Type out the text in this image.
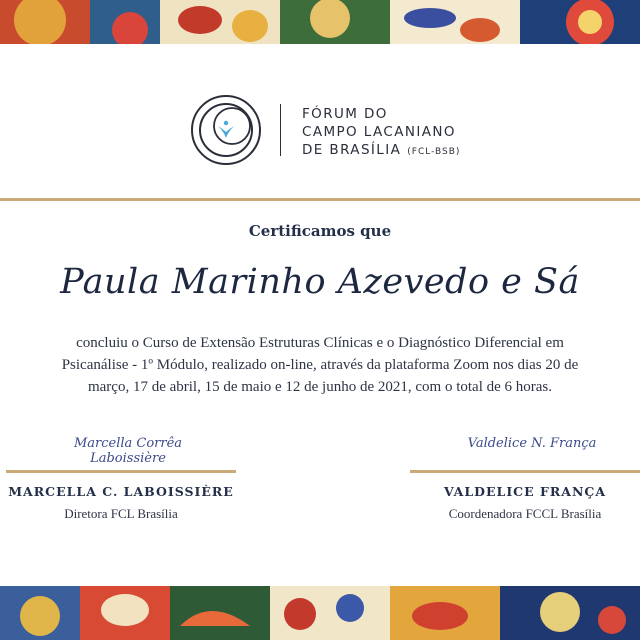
FÓRUM DO
CAMPO LACANIANO
DE BRASÍLIA (FCL-BSB)
Certificamos que
Paula Marinho Azevedo e Sá
concluiu o Curso de Extensão Estruturas Clínicas e o Diagnóstico Diferencial em Psicanálise - 1º Módulo, realizado on-line, através da plataforma Zoom nos dias 20 de março, 17 de abril, 15 de maio e 12 de junho de 2021, com o total de 6 horas.
Marcella Corrêa Laboissière
MARCELLA C. LABOISSIÈRE
Diretora FCL Brasília
Valdelice N. França
VALDELICE FRANÇA
Coordenadora FCCL Brasília
